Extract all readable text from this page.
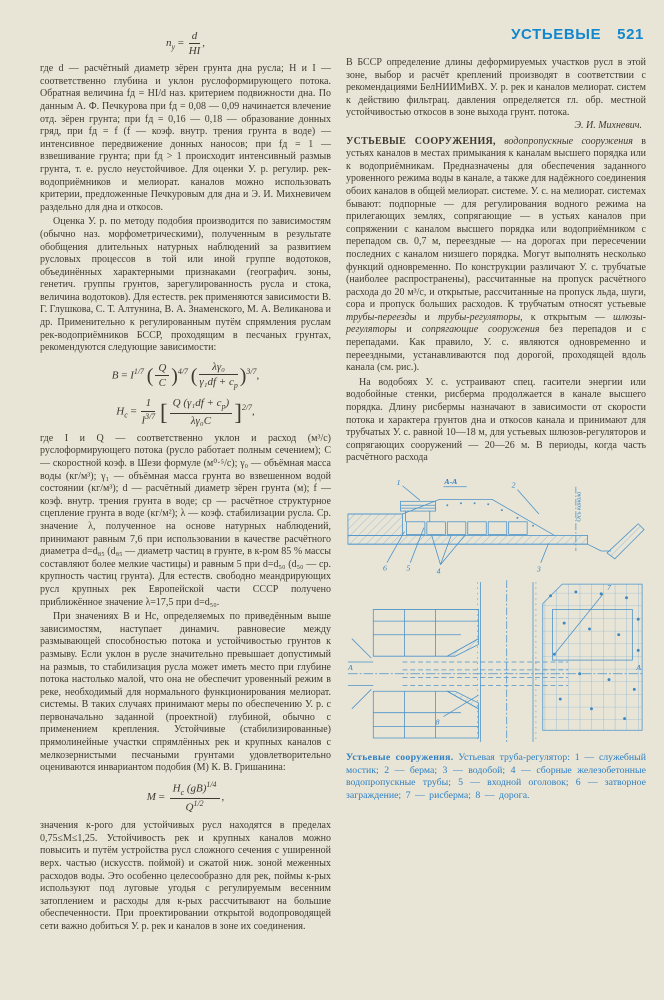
$n_у = \frac{d}{HI}$ ,

где d — расчётный диаметр зёрен грунта дна русла; Н и I — соответственно глубина и уклон руслоформирующего потока. Обратная величина fд = HI/d наз. критерием подвижности дна. По данным А. Ф. Печкурова при fд = 0,08 — 0,09 начинается влечение отд. зёрен грунта; при fд = 0,16 — 0,18 — образование донных гряд, при fд = f (f — коэф. внутр. трения грунта в воде) — интенсивное передвижение донных наносов; при fд = 1 — взвешивание грунта; при fд > 1 происходит интенсивный размыв грунта, т. е. русло неустойчивое. Для оценки У. р. регулир. рек-водоприёмников и мелиорат. каналов можно использовать критерии, предложенные Печкуровым для дна и Э. И. Михневичем раздельно для дна и откосов.

Оценка У. р. по методу подобия производится по зависимостям (обычно наз. морфометрическими), полученным в результате обобщения длительных натурных наблюдений за развитием русловых процессов в той или иной группе водотоков, объединённых характерными признаками (географич. зоны, генетич. группы грунтов, зарегулированность русла и стока, величина водотоков). Для естеств. рек применяются зависимости В. Г. Глушкова, С. Т. Алтунина, В. А. Знаменского, М. А. Великанова и др. Применительно к регулированным путём спрямления руслам рек-водоприёмников БССР, проходящим в песчаных грунтах, рекомендуются следующие зависимости:

$B = I^{1/7}$ ( $\frac{Q}{C} )^{4/7}$ ( $\frac{\text{λγ₀}}{\gamma_1df + c_р} )^{3/7}$,
$H_с = \frac{1}{I^{3/7}}$ [ $\frac{Q (\gamma_1df + c_р)}{\text{λγ₀C}} ]^{2/7}$,

где I и Q — соответственно уклон и расход (м³/с) руслоформирующего потока (русло работает полным сечением); С — скоростной коэф. в Шези формуле (м⁰·⁵/с); γ₀ — объёмная масса воды (кг/м³); γ₁ — объёмная масса грунта во взвешенном водой состоянии (кг/м³); d — расчётный диаметр зёрен грунта (м); f — коэф. внутр. трения грунта в воде; cр — расчётное структурное сцепление грунта в воде (кг/м²); λ — коэф. стабилизации русла. Ср. значение λ, полученное на основе натурных наблюдений, принимают равным 7,6 при использовании в качестве расчётного диаметра d=d₈₅ (d₈₅ — диаметр частиц в грунте, в к-ром 85 % массы составляют более мелкие частицы) и равным 5 при d=d₅₀ (d₅₀ — ср. крупность частиц грунта). Для естеств. свободно меандрирующих русл крупных рек Европейской части СССР получено приближённое значение λ=17,5 при d=d₅₀.

При значениях В и Нс, определяемых по приведённым выше зависимостям, наступает динамич. равновесие между размывающей способностью потока и устойчивостью грунтов к размыву. Если уклон в русле значительно превышает допустимый на размыв, то стабилизация русла может иметь место при глубине потока настолько малой, что она не обеспечит уровенный режим в реке, необходимый для нормального функционирования мелиорат. системы. В таких случаях принимают меры по обеспечению У. р. с первоначально заданной (проектной) глубиной, обычно с применением крепления. Устойчивые (стабилизированные) прямолинейные участки спрямлённых рек и крупных каналов с мелкозернистыми песчаными грунтами удовлетворительно оцениваются инвариантом подобия (М) К. В. Гришанина:

$M = \frac{H_с (gB)^{1/4}}{Q^{1/2}}$ ,

значения к-рого для устойчивых русл находятся в пределах 0,75≤М≤1,25. Устойчивость рек и крупных каналов можно повысить и путём устройства русл сложного сечения с уширенной верх. частью (искусств. поймой) и сжатой ниж. зоной меженных расходов воды. Это особенно целесообразно для рек, поймы к-рых используют под луговые угодья с регулируемым весенним затоплением и расходы для к-рых рассчитывают на большие обеспеченности. При проектировании открытой водопроводящей сети важно добиться У. р. рек и каналов в зоне их соединения.

УСТЬЕВЫЕ 521

В БССР определение длины деформируемых участков русл в этой зоне, выбор и расчёт креплений производят в соответствии с рекомендациями БелНИИМиВХ. У. р. рек и каналов мелиорат. систем к действию фильтрац. давления определяется гл. обр. местной устойчивостью откосов в зоне выхода грунт. потока.

Э. И. Михневич.

УСТЬЕВЫЕ СООРУЖЕНИЯ, водопропускные сооружения в устьях каналов в местах примыкания к каналам высшего порядка или к водоприёмникам. Предназначены для обеспечения заданного уровенного режима воды в канале, а также для надёжного соединения обоих каналов в общей мелиорат. системе. У. с. на мелиорат. системах бывают: подпорные — для регулирования водного режима на прилегающих землях, сопрягающие — в устьях каналов при сопряжении с каналом высшего порядка или водоприёмником с перепадом св. 0,7 м, переездные — на дорогах при пересечении последних с каналом низшего порядка. Могут выполнять несколько функций одновременно. По конструкции различают У. с. трубчатые (наиболее распространены), рассчитанные на пропуск расчётного расхода до 20 м³/с, и открытые, рассчитанные на пропуск льда, шуги, сора и пропуск больших расходов. К трубчатым относят устьевые трубы-переезды и трубы-регуляторы, к открытым — шлюзы-регуляторы и сопрягающие сооружения без перепадов и с перепадами. Как правило, У. с. являются одновременно и переездными, устанавливаются под дорогой, проходящей вдоль канала (см. рис.).

На водобоях У. с. устраивают спец. гасители энергии или водобойные стенки, рисберма продолжается в канале высшего порядка. Длину рисбермы назначают в зависимости от скорости потока и характера грунтов дна и откосов канала и принимают для трубчатых У. с. равной 10—18 м, для устьевых шлюзов-регуляторов и сопрягающих сооружений — 20—26 м. В периоды, когда часть расчётного расхода

1	А-А	2
Ось канала
6 5	4	3
7
8
А	А

Устьевые сооружения. Устьевая труба-регулятор: 1 — служебный мостик; 2 — берма; 3 — водобой; 4 — сборные железобетонные водопропускные трубы; 5 — входной оголовок; 6 — затворное заграждение; 7 — рисберма; 8 — дорога.
